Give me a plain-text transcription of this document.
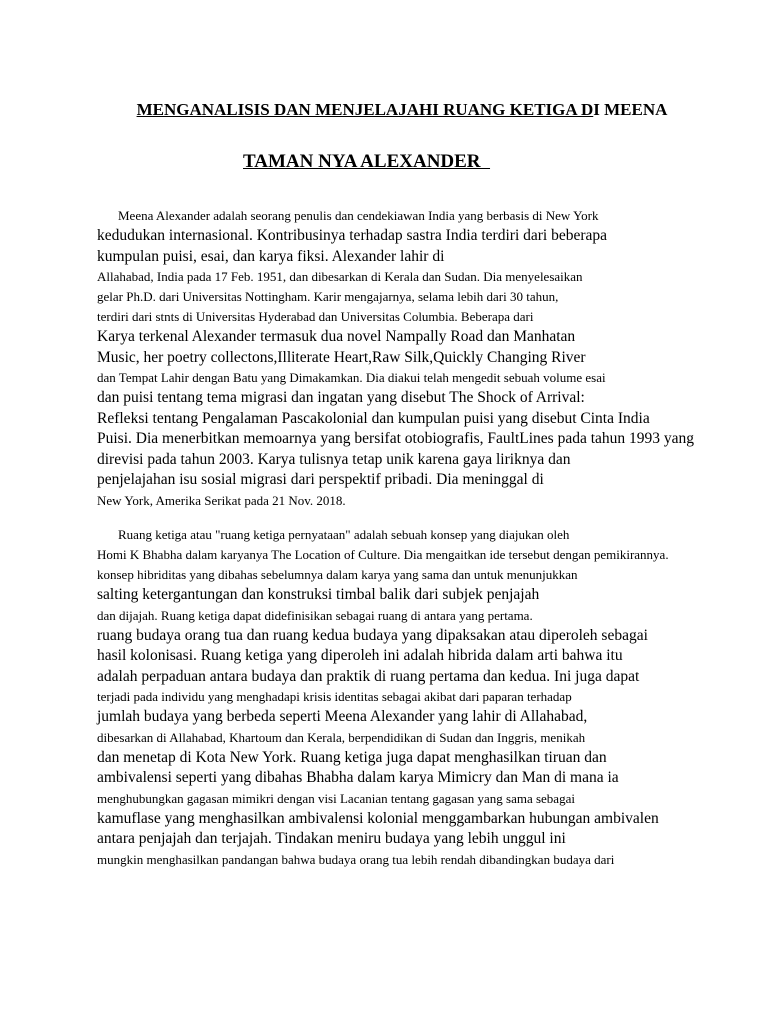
MENGANALISIS DAN MENJELAJAHI RUANG KETIGA DI MEENA
TAMAN NYA ALEXANDER
Meena Alexander adalah seorang penulis dan cendekiawan India yang berbasis di New York
kedudukan internasional. Kontribusinya terhadap sastra India terdiri dari beberapa
kumpulan puisi, esai, dan karya fiksi. Alexander lahir di
Allahabad, India pada 17 Feb. 1951, dan dibesarkan di Kerala dan Sudan. Dia menyelesaikan
gelar Ph.D. dari Universitas Nottingham. Karir mengajarnya, selama lebih dari 30 tahun,
terdiri dari stnts di Universitas Hyderabad dan Universitas Columbia. Beberapa dari
Karya terkenal Alexander termasuk dua novel Nampally Road dan Manhatan
Music, her poetry collectons,Illiterate Heart,Raw Silk,Quickly Changing River
dan Tempat Lahir dengan Batu yang Dimakamkan. Dia diakui telah mengedit sebuah volume esai
dan puisi tentang tema migrasi dan ingatan yang disebut The Shock of Arrival:
Refleksi tentang Pengalaman Pascakolonial dan kumpulan puisi yang disebut Cinta India
Puisi. Dia menerbitkan memoarnya yang bersifat otobiografis, FaultLines pada tahun 1993 yang
direvisi pada tahun 2003. Karya tulisnya tetap unik karena gaya liriknya dan
penjelajahan isu sosial migrasi dari perspektif pribadi. Dia meninggal di
New York, Amerika Serikat pada 21 Nov. 2018.
Ruang ketiga atau "ruang ketiga pernyataan" adalah sebuah konsep yang diajukan oleh
Homi K Bhabha dalam karyanya The Location of Culture. Dia mengaitkan ide tersebut dengan pemikirannya.
konsep hibriditas yang dibahas sebelumnya dalam karya yang sama dan untuk menunjukkan
salting ketergantungan dan konstruksi timbal balik dari subjek penjajah
dan dijajah. Ruang ketiga dapat didefinisikan sebagai ruang di antara yang pertama.
ruang budaya orang tua dan ruang kedua budaya yang dipaksakan atau diperoleh sebagai
hasil kolonisasi. Ruang ketiga yang diperoleh ini adalah hibrida dalam arti bahwa itu
adalah perpaduan antara budaya dan praktik di ruang pertama dan kedua. Ini juga dapat
terjadi pada individu yang menghadapi krisis identitas sebagai akibat dari paparan terhadap
jumlah budaya yang berbeda seperti Meena Alexander yang lahir di Allahabad,
dibesarkan di Allahabad, Khartoum dan Kerala, berpendidikan di Sudan dan Inggris, menikah
dan menetap di Kota New York. Ruang ketiga juga dapat menghasilkan tiruan dan
ambivalensi seperti yang dibahas Bhabha dalam karya Mimicry dan Man di mana ia
menghubungkan gagasan mimikri dengan visi Lacanian tentang gagasan yang sama sebagai
kamuflase yang menghasilkan ambivalensi kolonial menggambarkan hubungan ambivalen
antara penjajah dan terjajah. Tindakan meniru budaya yang lebih unggul ini
mungkin menghasilkan pandangan bahwa budaya orang tua lebih rendah dibandingkan budaya dari
